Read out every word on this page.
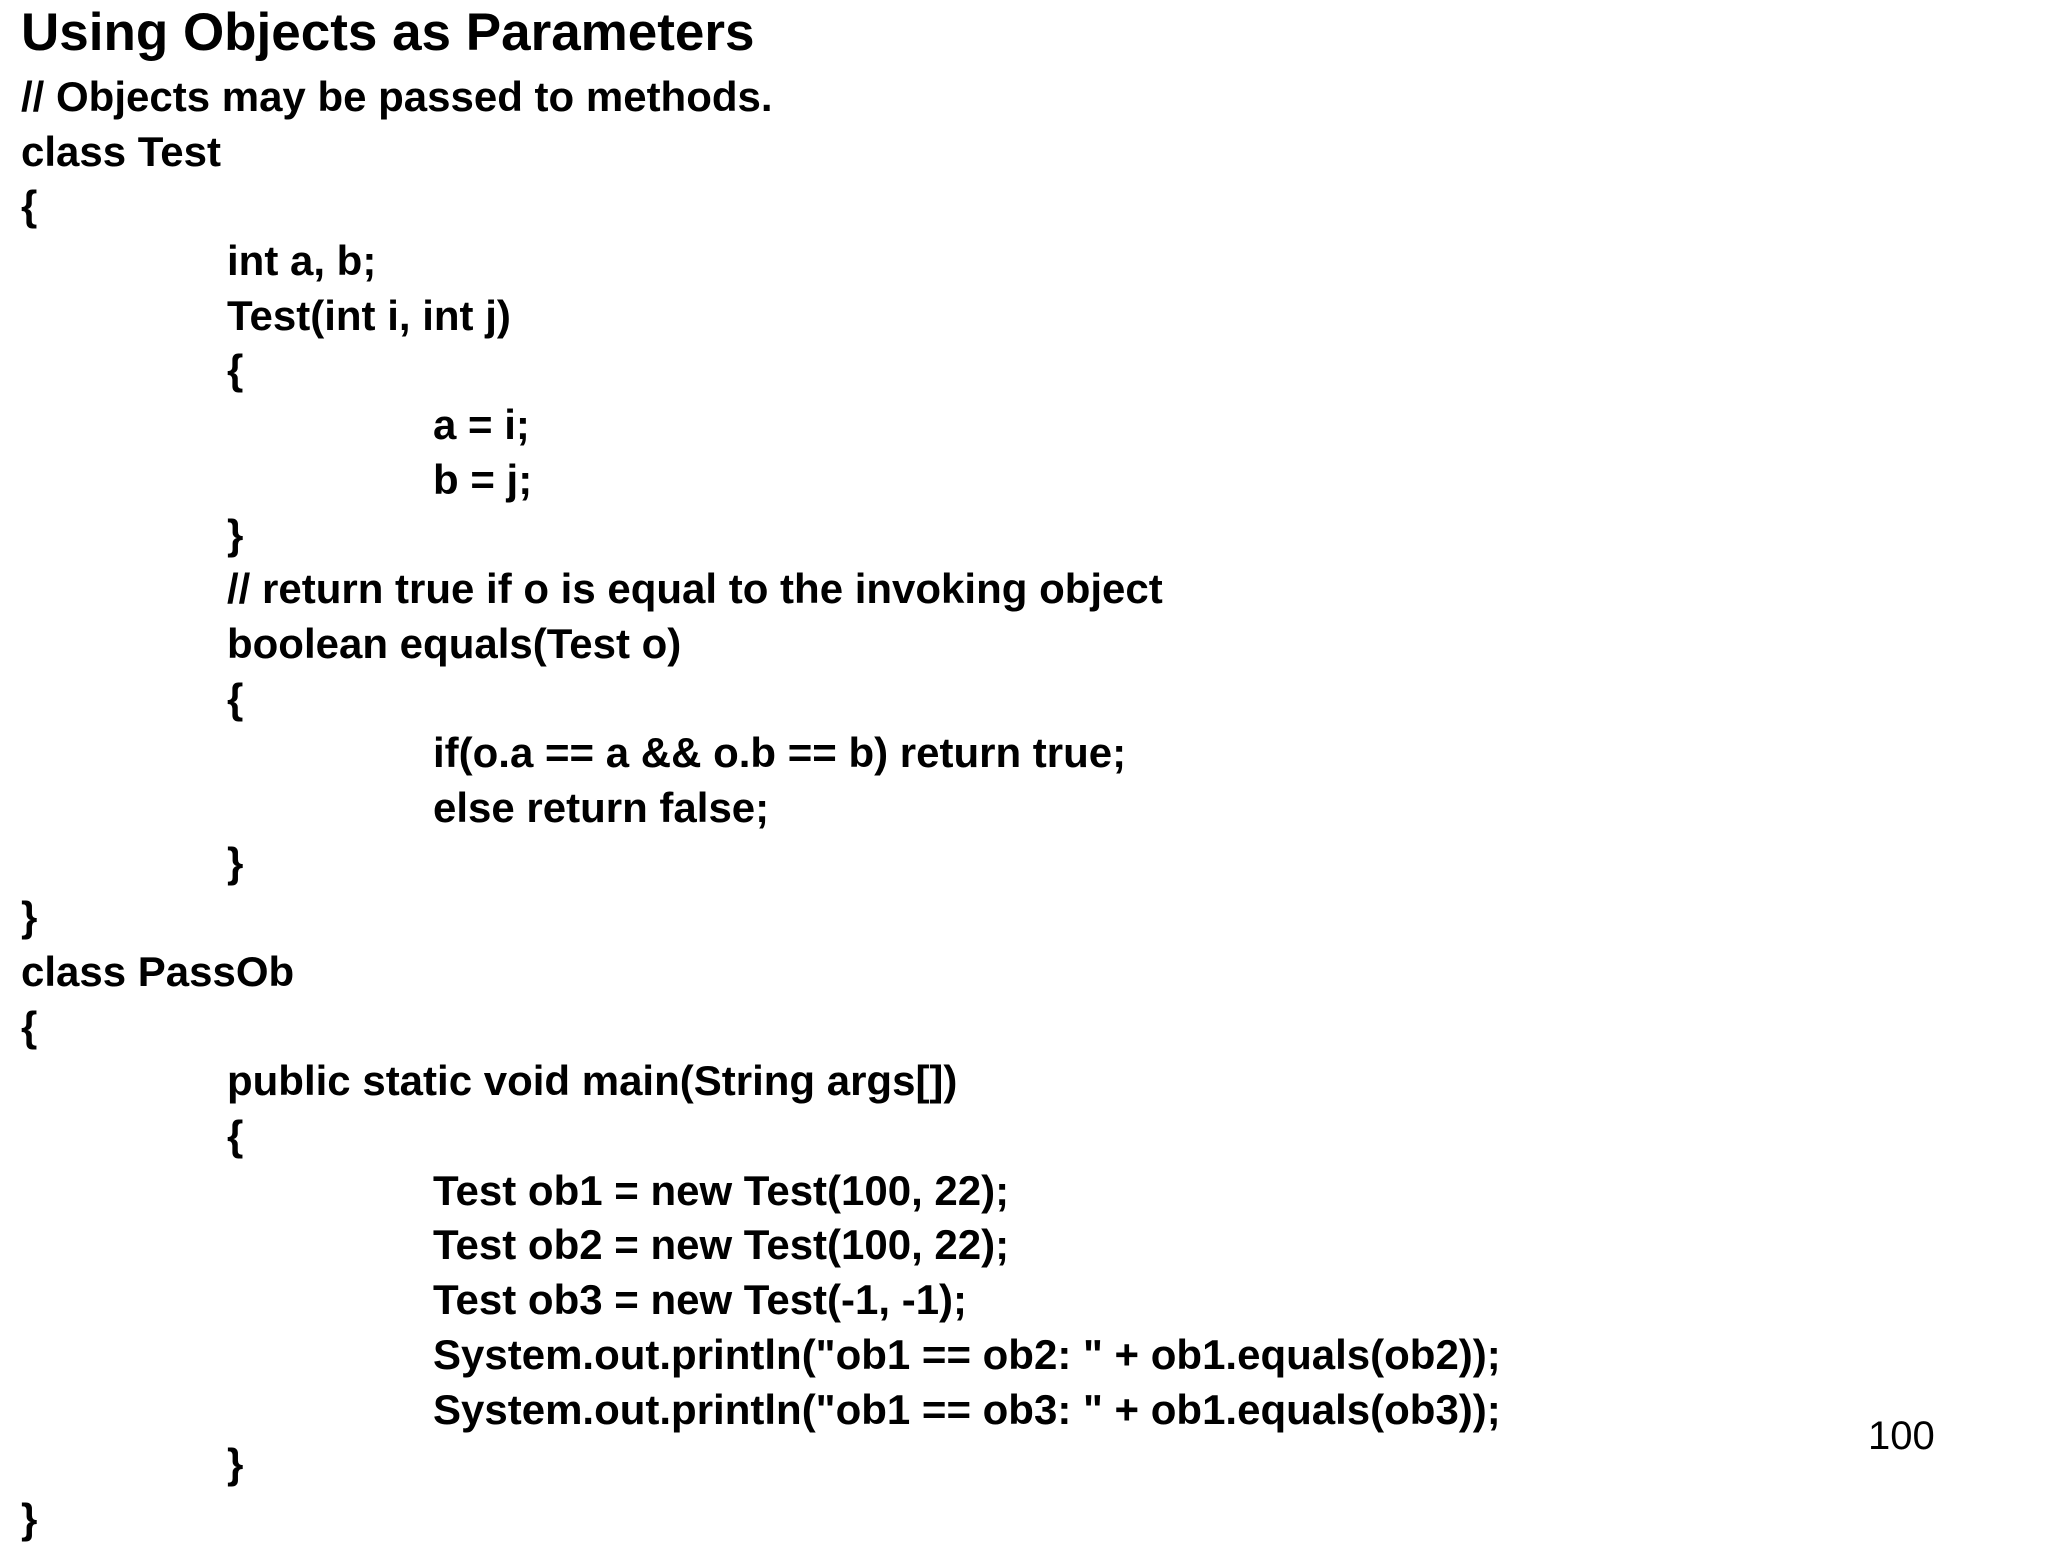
Using Objects as Parameters
// Objects may be passed to methods.
class Test
{
int a, b;
Test(int i, int j)
{
a = i;
b = j;
}
// return true if o is equal to the invoking object
boolean equals(Test o)
{
if(o.a == a && o.b == b) return true;
else return false;
}
}
class PassOb
{
public static void main(String args[])
{
Test ob1 = new Test(100, 22);
Test ob2 = new Test(100, 22);
Test ob3 = new Test(-1, -1);
System.out.println("ob1 == ob2: " + ob1.equals(ob2));
System.out.println("ob1 == ob3: " + ob1.equals(ob3));
}
}
100
